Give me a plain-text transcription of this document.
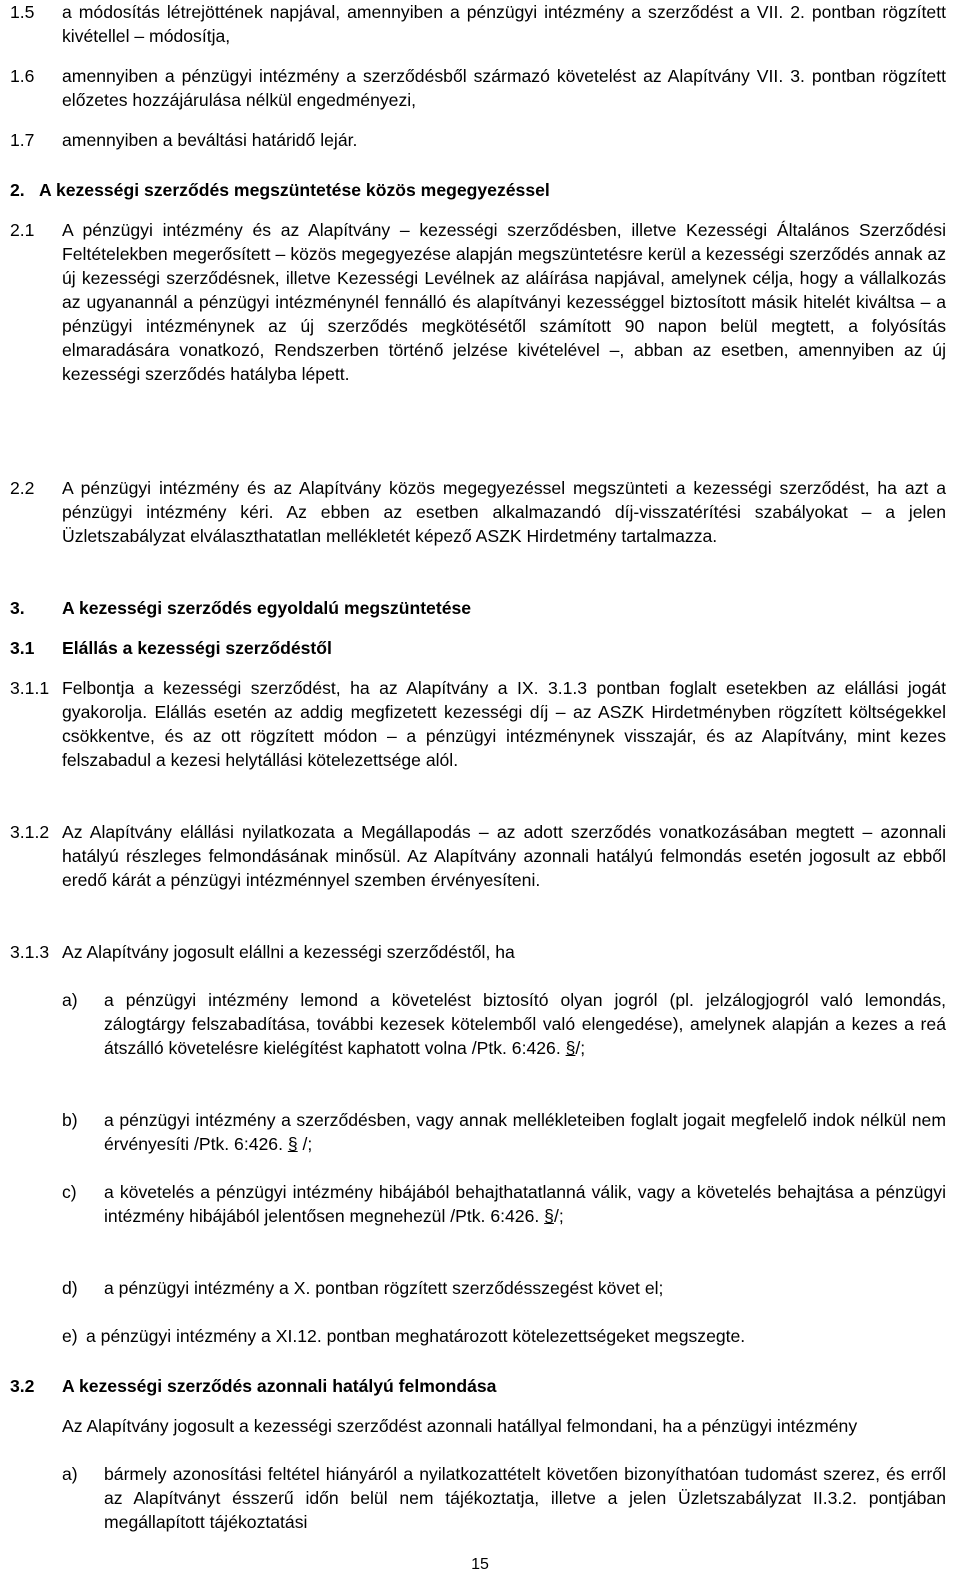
1.5 a módosítás létrejöttének napjával, amennyiben a pénzügyi intézmény a szerződést a VII. 2. pontban rögzített kivétellel – módosítja,
1.6 amennyiben a pénzügyi intézmény a szerződésből származó követelést az Alapítvány VII. 3. pontban rögzített előzetes hozzájárulása nélkül engedményezi,
1.7 amennyiben a beváltási határidő lejár.
2. A kezességi szerződés megszüntetése közös megegyezéssel
2.1 A pénzügyi intézmény és az Alapítvány – kezességi szerződésben, illetve Kezességi Általános Szerződési Feltételekben megerősített – közös megegyezése alapján megszüntetésre kerül a kezességi szerződés annak az új kezességi szerződésnek, illetve Kezességi Levélnek az aláírása napjával, amelynek célja, hogy a vállalkozás az ugyanannál a pénzügyi intézménynél fennálló és alapítványi kezességgel biztosított másik hitelét kiváltsa – a pénzügyi intézménynek az új szerződés megkötésétől számított 90 napon belül megtett, a folyósítás elmaradására vonatkozó, Rendszerben történő jelzése kivételével –, abban az esetben, amennyiben az új kezességi szerződés hatályba lépett.
2.2 A pénzügyi intézmény és az Alapítvány közös megegyezéssel megszünteti a kezességi szerződést, ha azt a pénzügyi intézmény kéri. Az ebben az esetben alkalmazandó díj-visszatérítési szabályokat – a jelen Üzletszabályzat elválaszthatatlan mellékletét képező ASZK Hirdetmény tartalmazza.
3. A kezességi szerződés egyoldalú megszüntetése
3.1 Elállás a kezességi szerződéstől
3.1.1 Felbontja a kezességi szerződést, ha az Alapítvány a IX. 3.1.3 pontban foglalt esetekben az elállási jogát gyakorolja. Elállás esetén az addig megfizetett kezességi díj – az ASZK Hirdetményben rögzített költségekkel csökkentve, és az ott rögzített módon – a pénzügyi intézménynek visszajár, és az Alapítvány, mint kezes felszabadul a kezesi helytállási kötelezettsége alól.
3.1.2 Az Alapítvány elállási nyilatkozata a Megállapodás – az adott szerződés vonatkozásában megtett – azonnali hatályú részleges felmondásának minősül. Az Alapítvány azonnali hatályú felmondás esetén jogosult az ebből eredő kárát a pénzügyi intézménnyel szemben érvényesíteni.
3.1.3 Az Alapítvány jogosult elállni a kezességi szerződéstől, ha
a) a pénzügyi intézmény lemond a követelést biztosító olyan jogról (pl. jelzálogjogról való lemondás, zálogtárgy felszabadítása, további kezesek kötelemből való elengedése), amelynek alapján a kezes a reá átszálló követelésre kielégítést kaphatott volna /Ptk. 6:426. §/;
b) a pénzügyi intézmény a szerződésben, vagy annak mellékleteiben foglalt jogait megfelelő indok nélkül nem érvényesíti /Ptk. 6:426. § /;
c) a követelés a pénzügyi intézmény hibájából behajthatatlanná válik, vagy a követelés behajtása a pénzügyi intézmény hibájából jelentősen megnehezül /Ptk. 6:426. §/;
d) a pénzügyi intézmény a X. pontban rögzített szerződésszegést követ el;
e) a pénzügyi intézmény a XI.12. pontban meghatározott kötelezettségeket megszegte.
3.2 A kezességi szerződés azonnali hatályú felmondása
Az Alapítvány jogosult a kezességi szerződést azonnali hatállyal felmondani, ha a pénzügyi intézmény
a) bármely azonosítási feltétel hiányáról a nyilatkozattételt követően bizonyíthatóan tudomást szerez, és erről az Alapítványt ésszerű időn belül nem tájékoztatja, illetve a jelen Üzletszabályzat II.3.2. pontjában megállapított tájékoztatási
15
